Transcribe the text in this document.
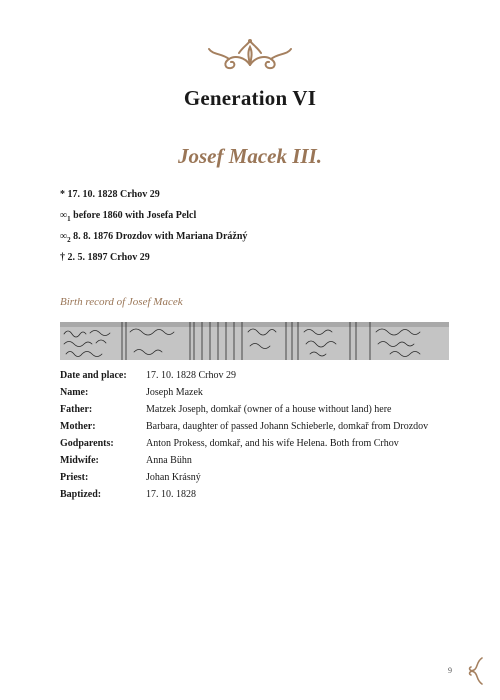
Generation VI
Josef Macek III.
* 17. 10. 1828 Crhov 29
$\infty_1$ before 1860 with Josefa Pelcl
$\infty_2$ 8. 8. 1876 Drozdov with Mariana Drážný
† 2. 5. 1897 Crhov 29
Birth record of Josef Macek
Date and place:	17. 10. 1828 Crhov 29
Name:	Joseph Mazek
Father:	Matzek Joseph, domkař (owner of a house without land) here
Mother:	Barbara, daughter of passed Johann Schieberle, domkař from Drozdov
Godparents:	Anton Prokess, domkař, and his wife Helena. Both from Crhov
Midwife:	Anna Bühn
Priest:	Johan Krásný
Baptized:	17. 10. 1828
9
